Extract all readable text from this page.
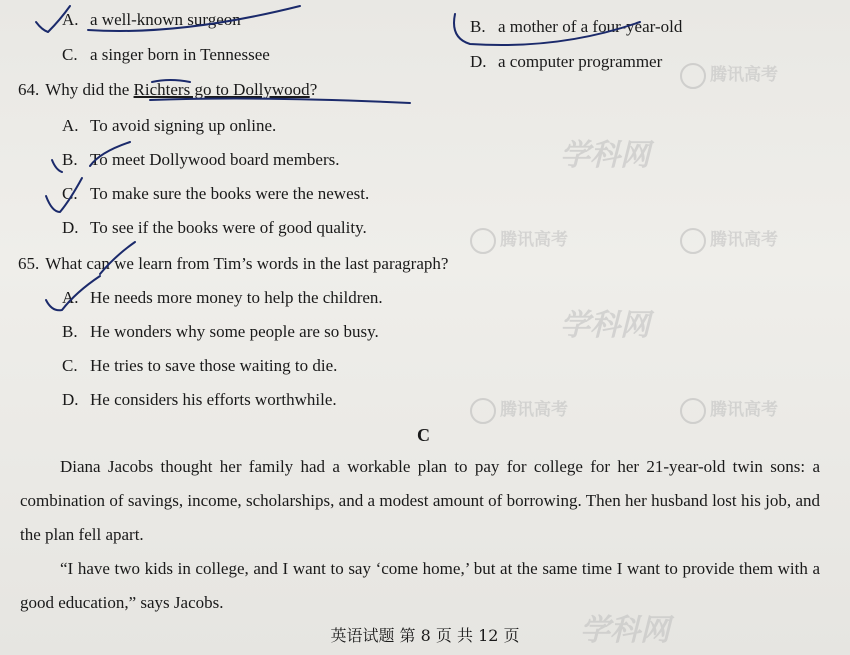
腾讯高考
学科网
腾讯高考	腾讯高考
学科网
腾讯高考	腾讯高考
学科网
A. a well-known surgeon	B. a mother of a four-year-old
C. a singer born in Tennessee	D. a computer programmer
64. Why did the Richters go to Dollywood?
A. To avoid signing up online.
B. To meet Dollywood board members.
C. To make sure the books were the newest.
D. To see if the books were of good quality.
65. What can we learn from Tim’s words in the last paragraph?
A. He needs more money to help the children.
B. He wonders why some people are so busy.
C. He tries to save those waiting to die.
D. He considers his efforts worthwhile.
C
Diana Jacobs thought her family had a workable plan to pay for college for her 21-year-old twin sons: a combination of savings, income, scholarships, and a modest amount of borrowing. Then her husband lost his job, and the plan fell apart.
“I have two kids in college, and I want to say ‘come home,’ but at the same time I want to provide them with a good education,” says Jacobs.
英语试题 第 8 页 共 12 页
